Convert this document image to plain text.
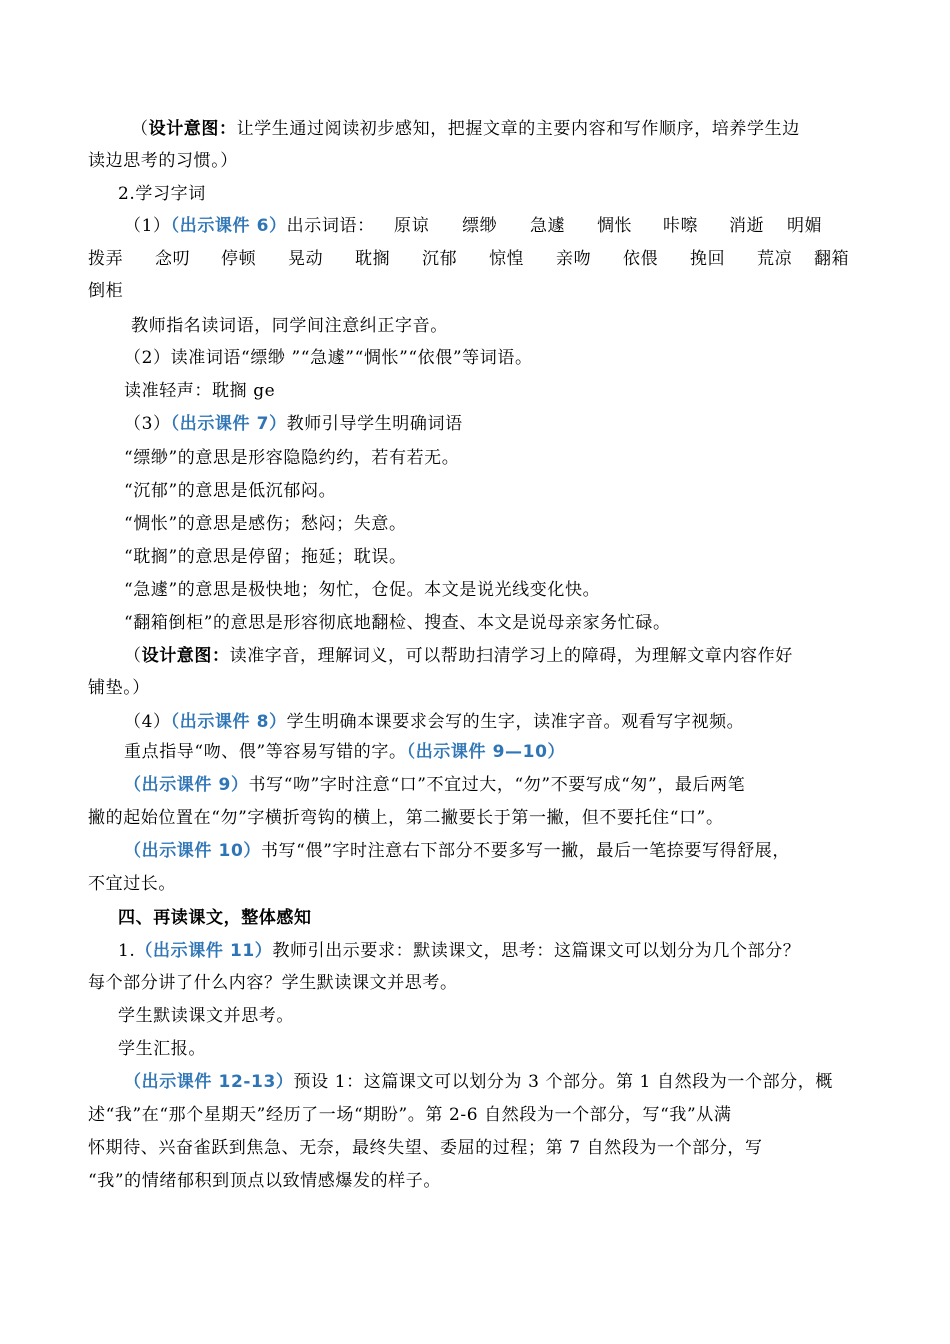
（设计意图：让学生通过阅读初步感知，把握文章的主要内容和写作顺序，培养学生边
读边思考的习惯。）
2.学习字词
（1）（出示课件 6）出示词语： 原谅 缥缈 急遽 惆怅 咔嚓 消逝 明媚
拨弄 念叨 停顿 晃动 耽搁 沉郁 惊惶 亲吻 依偎 挽回 荒凉 翻箱
倒柜
教师指名读词语，同学间注意纠正字音。
（2）读准词语“缥缈 ”“急遽”“惆怅”“依偎”等词语。
读准轻声：耽搁 ge
（3）（出示课件 7）教师引导学生明确词语
“缥缈”的意思是形容隐隐约约，若有若无。
“沉郁”的意思是低沉郁闷。
“惆怅”的意思是感伤；愁闷；失意。
“耽搁”的意思是停留；拖延；耽误。
“急遽”的意思是极快地；匆忙，仓促。本文是说光线变化快。
“翻箱倒柜”的意思是形容彻底地翻检、搜查、本文是说母亲家务忙碌。
（设计意图：读准字音，理解词义，可以帮助扫清学习上的障碍，为理解文章内容作好
铺垫。）
（4）（出示课件 8）学生明确本课要求会写的生字，读准字音。观看写字视频。
重点指导“吻、偎”等容易写错的字。（出示课件 9—10）
（出示课件 9）书写“吻”字时注意“口”不宜过大，“勿”不要写成“匆”，最后两笔
撇的起始位置在“勿”字横折弯钩的横上，第二撇要长于第一撇，但不要托住“口”。
（出示课件 10）书写“偎”字时注意右下部分不要多写一撇，最后一笔捺要写得舒展，
不宜过长。
四、再读课文，整体感知
1.（出示课件 11）教师引出示要求：默读课文，思考：这篇课文可以划分为几个部分？
每个部分讲了什么内容？学生默读课文并思考。
学生默读课文并思考。
学生汇报。
（出示课件 12-13）预设 1：这篇课文可以划分为 3 个部分。第 1 自然段为一个部分，概
述“我”在“那个星期天”经历了一场“期盼”。第 2-6 自然段为一个部分，写“我”从满
怀期待、兴奋雀跃到焦急、无奈，最终失望、委屈的过程；第 7 自然段为一个部分，写
“我”的情绪郁积到顶点以致情感爆发的样子。
